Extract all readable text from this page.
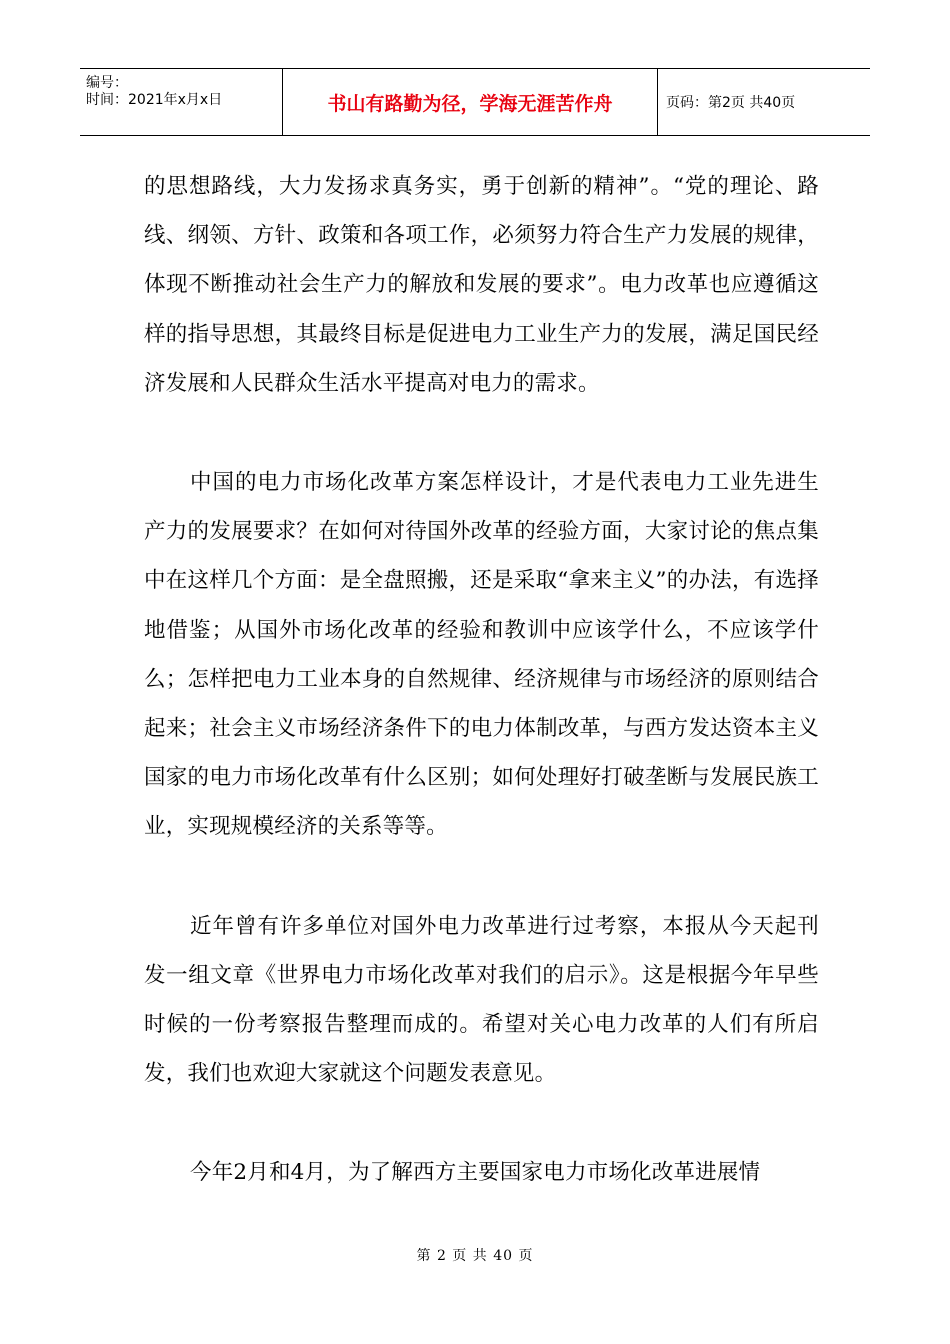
编号：
时间：2021年x月x日	书山有路勤为径，学海无涯苦作舟	页码：第2页 共40页

的思想路线，大力发扬求真务实，勇于创新的精神”。“党的理论、路线、纲领、方针、政策和各项工作，必须努力符合生产力发展的规律，体现不断推动社会生产力的解放和发展的要求”。电力改革也应遵循这样的指导思想，其最终目标是促进电力工业生产力的发展，满足国民经济发展和人民群众生活水平提高对电力的需求。

中国的电力市场化改革方案怎样设计，才是代表电力工业先进生产力的发展要求？在如何对待国外改革的经验方面，大家讨论的焦点集中在这样几个方面：是全盘照搬，还是采取“拿来主义”的办法，有选择地借鉴；从国外市场化改革的经验和教训中应该学什么，不应该学什么；怎样把电力工业本身的自然规律、经济规律与市场经济的原则结合起来；社会主义市场经济条件下的电力体制改革，与西方发达资本主义国家的电力市场化改革有什么区别；如何处理好打破垄断与发展民族工业，实现规模经济的关系等等。

近年曾有许多单位对国外电力改革进行过考察，本报从今天起刊发一组文章《世界电力市场化改革对我们的启示》。这是根据今年早些时候的一份考察报告整理而成的。希望对关心电力改革的人们有所启发，我们也欢迎大家就这个问题发表意见。

今年2月和4月，为了解西方主要国家电力市场化改革进展情

第 2 页 共 40 页
